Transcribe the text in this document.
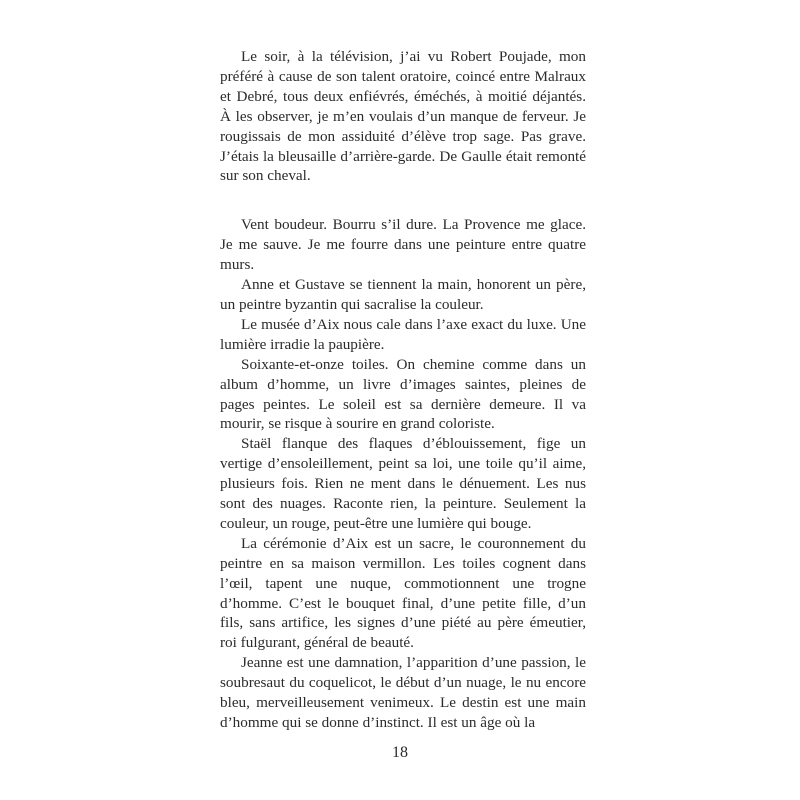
Le soir, à la télévision, j’ai vu Robert Poujade, mon préféré à cause de son talent oratoire, coincé entre Malraux et Debré, tous deux enfiévrés, éméchés, à moitié déjantés. À les observer, je m’en voulais d’un manque de ferveur. Je rougissais de mon assiduité d’élève trop sage. Pas grave. J’étais la bleusaille d’arrière-garde. De Gaulle était remonté sur son cheval.

Vent boudeur. Bourru s’il dure. La Provence me glace. Je me sauve. Je me fourre dans une peinture entre quatre murs.

Anne et Gustave se tiennent la main, honorent un père, un peintre byzantin qui sacralise la couleur.

Le musée d’Aix nous cale dans l’axe exact du luxe. Une lumière irradie la paupière.

Soixante-et-onze toiles. On chemine comme dans un album d’homme, un livre d’images saintes, pleines de pages peintes. Le soleil est sa dernière demeure. Il va mourir, se risque à sourire en grand coloriste.

Staël flanque des flaques d’éblouissement, fige un vertige d’ensoleillement, peint sa loi, une toile qu’il aime, plusieurs fois. Rien ne ment dans le dénuement. Les nus sont des nuages. Raconte rien, la peinture. Seulement la couleur, un rouge, peut-être une lumière qui bouge.

La cérémonie d’Aix est un sacre, le couronnement du peintre en sa maison vermillon. Les toiles cognent dans l’œil, tapent une nuque, commotionnent une trogne d’homme. C’est le bouquet final, d’une petite fille, d’un fils, sans artifice, les signes d’une piété au père émeutier, roi fulgurant, général de beauté.

Jeanne est une damnation, l’apparition d’une passion, le soubresaut du coquelicot, le début d’un nuage, le nu encore bleu, merveilleusement venimeux. Le destin est une main d’homme qui se donne d’instinct. Il est un âge où la

18
